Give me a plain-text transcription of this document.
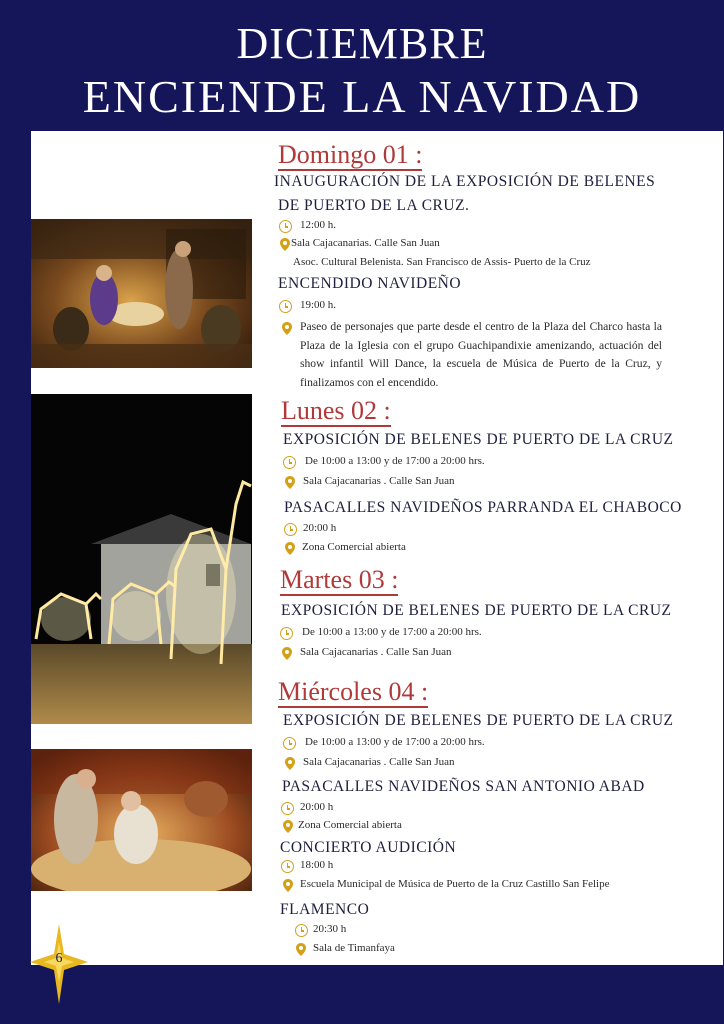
DICIEMBRE
ENCIENDE LA NAVIDAD
Domingo 01 :
INAUGURACIÓN DE LA EXPOSICIÓN DE BELENES
DE PUERTO DE LA CRUZ.
12:00 h.
Sala Cajacanarias. Calle San Juan
Asoc. Cultural Belenista. San Francisco de Assis- Puerto de la Cruz
ENCENDIDO NAVIDEÑO
19:00 h.
Paseo de personajes que parte desde el centro de la Plaza del Charco hasta la Plaza de la Iglesia con el grupo Guachipandixie amenizando, actuación del show infantil Will Dance, la escuela de Música de Puerto de la Cruz, y finalizamos con el encendido.
Lunes 02 :
EXPOSICIÓN DE BELENES DE PUERTO DE LA CRUZ
De 10:00 a 13:00 y de 17:00 a 20:00 hrs.
Sala Cajacanarias . Calle San Juan
PASACALLES NAVIDEÑOS PARRANDA EL CHABOCO
20:00 h
Zona Comercial abierta
Martes 03 :
EXPOSICIÓN DE BELENES DE PUERTO DE LA CRUZ
De 10:00 a 13:00 y de 17:00 a 20:00 hrs.
Sala Cajacanarias . Calle San Juan
Miércoles 04 :
EXPOSICIÓN DE BELENES DE PUERTO DE LA CRUZ
De 10:00 a 13:00 y de 17:00 a 20:00 hrs.
Sala Cajacanarias . Calle San Juan
PASACALLES NAVIDEÑOS SAN ANTONIO ABAD
20:00 h
Zona Comercial abierta
CONCIERTO AUDICIÓN
18:00 h
Escuela Municipal de Música de Puerto de la Cruz Castillo San Felipe
FLAMENCO
20:30 h
Sala de Timanfaya
6
